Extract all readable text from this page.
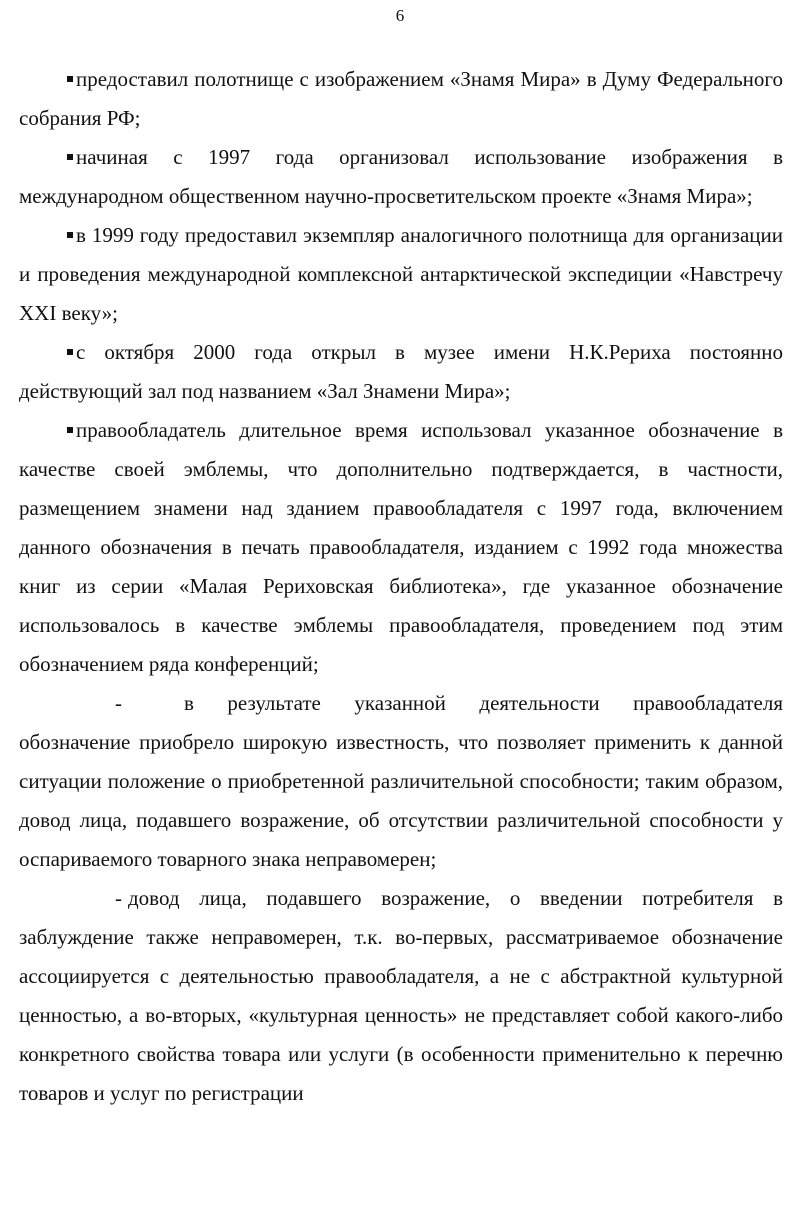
6

предоставил полотнище с изображением «Знамя Мира» в Думу Федерального собрания РФ;

начиная с 1997 года организовал использование изображения в международном общественном научно-просветительском проекте «Знамя Мира»;

в 1999 году предоставил экземпляр аналогичного полотнища для организации и проведения международной комплексной антарктической экспедиции «Навстречу XXI веку»;

с октября 2000 года открыл в музее имени Н.К.Рериха постоянно действующий зал под названием «Зал Знамени Мира»;

правообладатель длительное время использовал указанное обозначение в качестве своей эмблемы, что дополнительно подтверждается, в частности, размещением знамени над зданием правообладателя с 1997 года, включением данного обозначения в печать правообладателя, изданием с 1992 года множества книг из серии «Малая Рериховская библиотека», где указанное обозначение использовалось в качестве эмблемы правообладателя, проведением под этим обозначением ряда конференций;

-	в результате указанной деятельности правообладателя обозначение приобрело широкую известность, что позволяет применить к данной ситуации положение о приобретенной различительной способности; таким образом, довод лица, подавшего возражение, об отсутствии различительной способности у оспариваемого товарного знака неправомерен;

- довод лица, подавшего возражение, о введении потребителя в заблуждение также неправомерен, т.к. во-первых, рассматриваемое обозначение ассоциируется с деятельностью правообладателя, а не с абстрактной культурной ценностью, а во-вторых, «культурная ценность» не представляет собой какого-либо конкретного свойства товара или услуги (в особенности применительно к перечню товаров и услуг по регистрации
